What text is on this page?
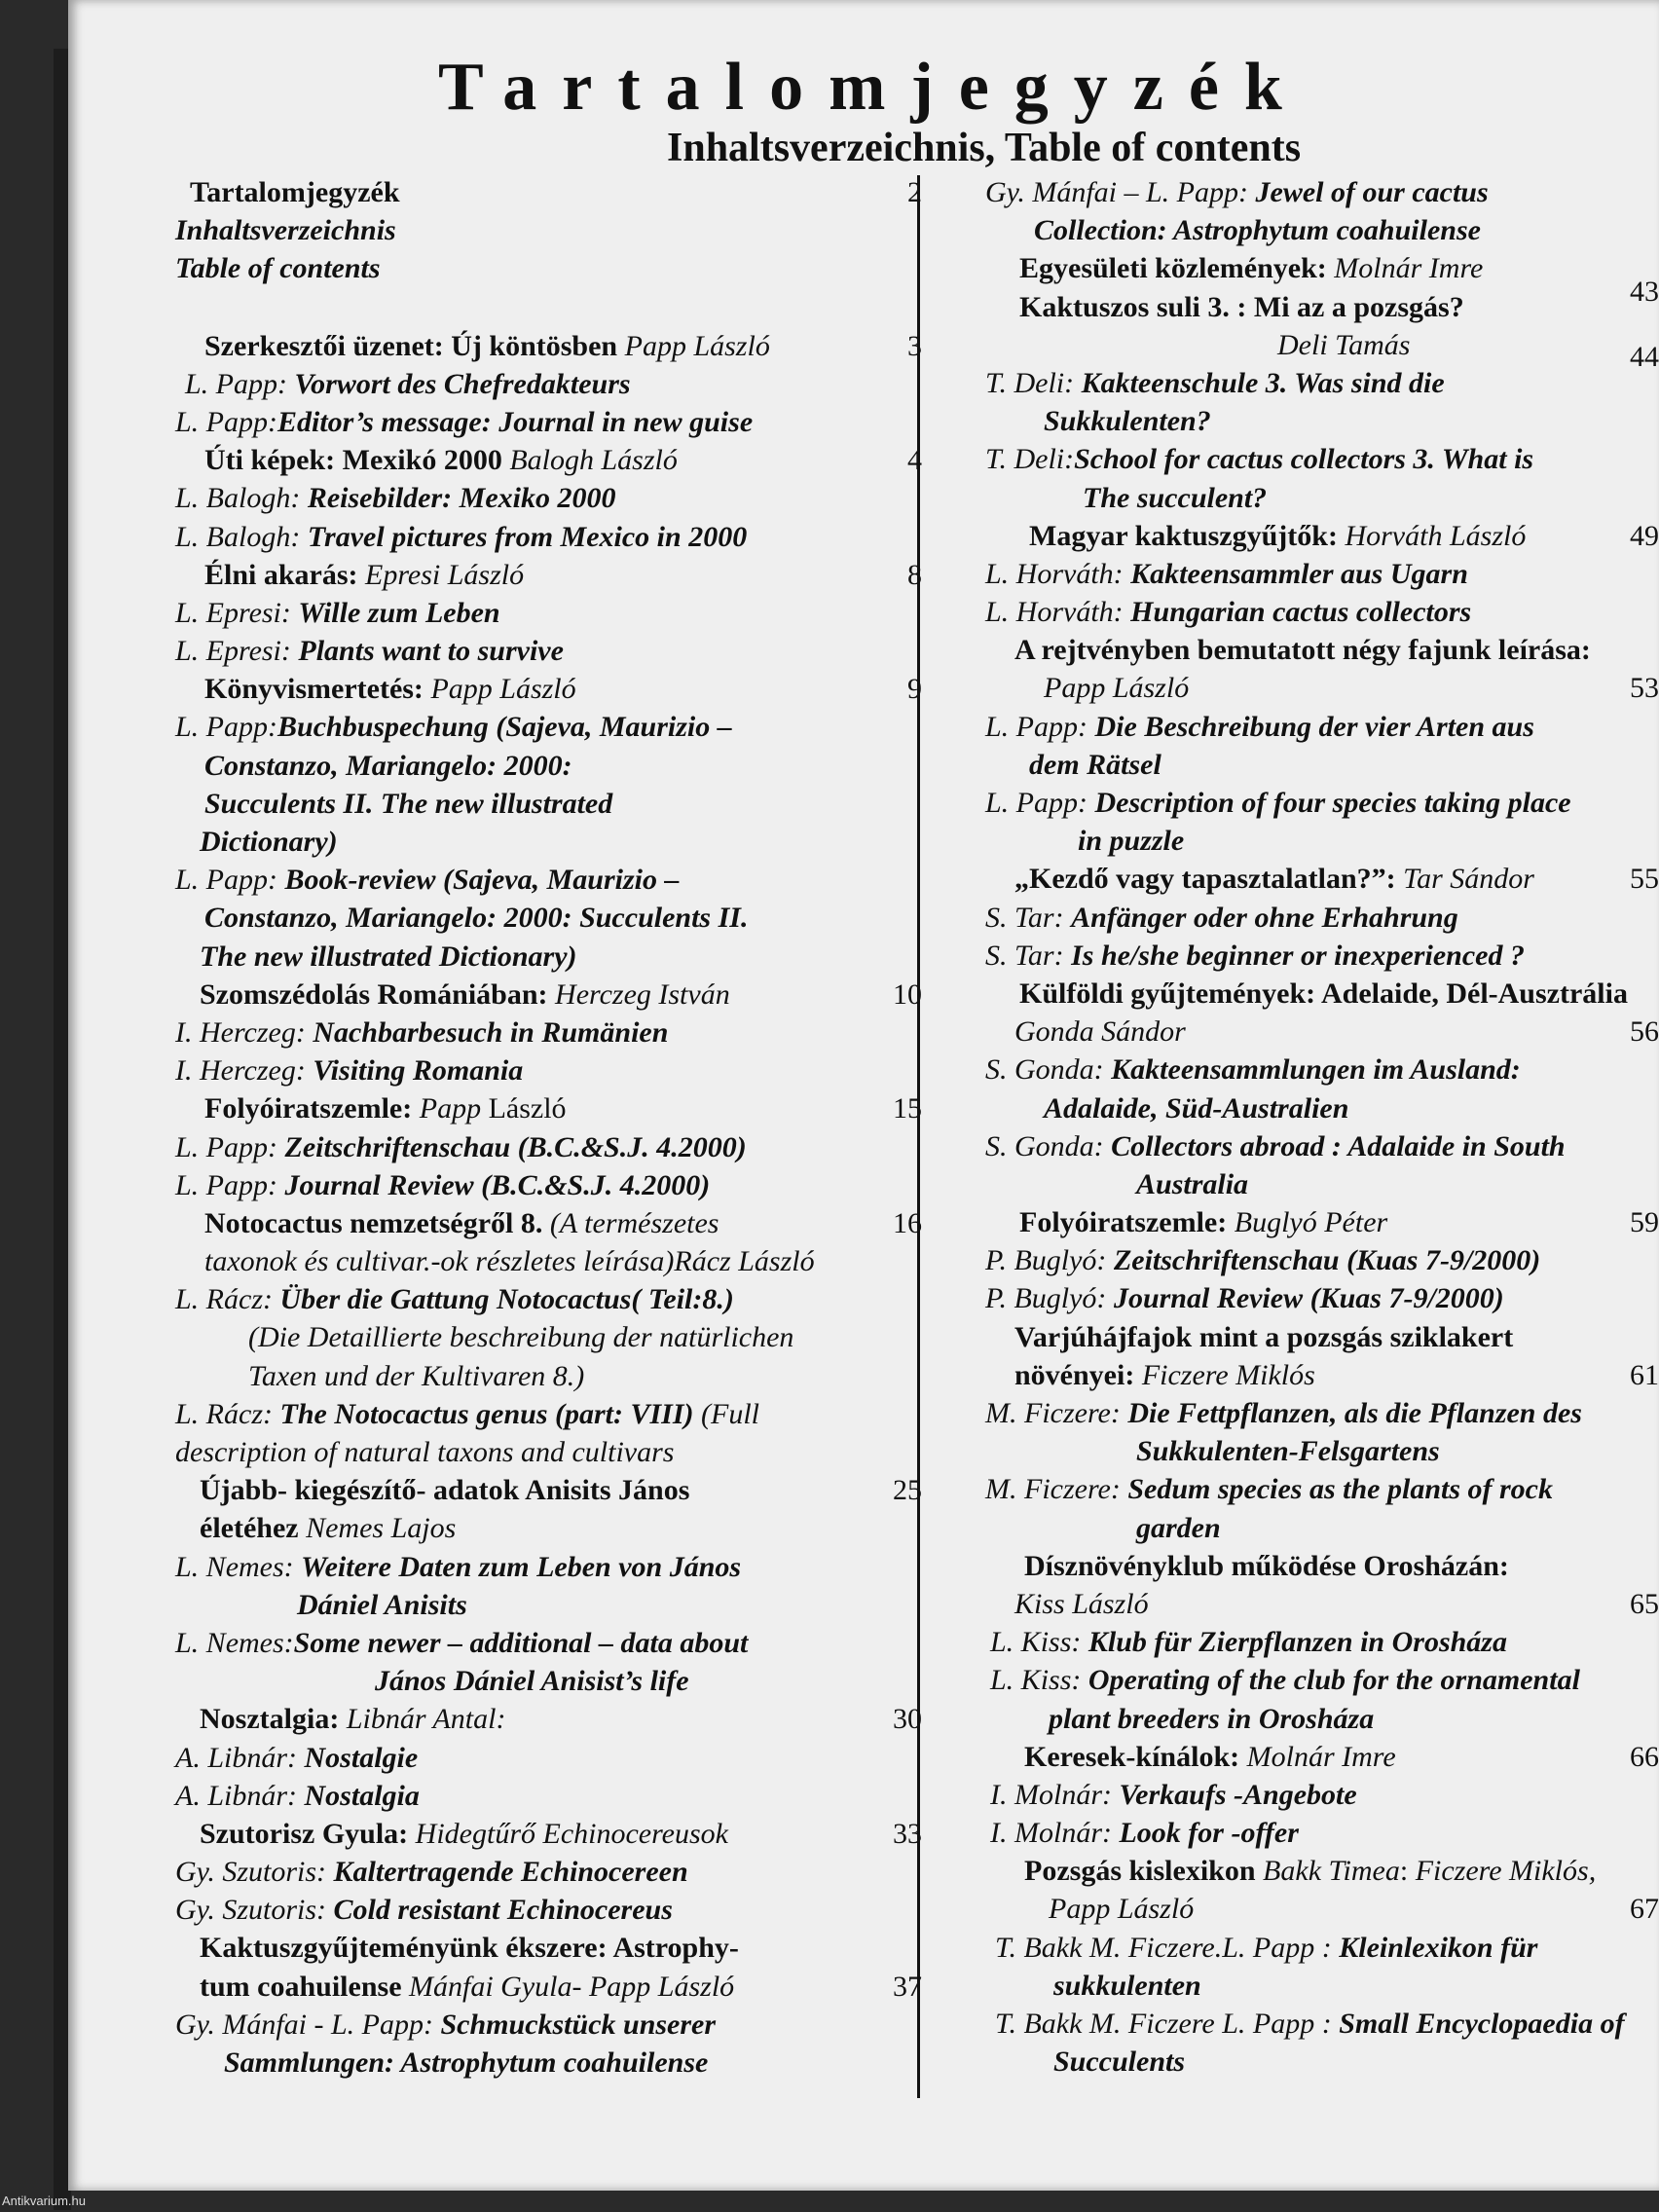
Tartalomjegyzék
Inhaltsverzeichnis, Table of contents
Tartalomjegyzék
Inhaltsverzeichnis
Table of contents
2
Szerkesztői üzenet: Új köntösben Papp László
L. Papp: Vorwort des Chefredakteurs
L. Papp:Editor’s message: Journal in new guise
3
Úti képek: Mexikó 2000 Balogh László
L. Balogh: Reisebilder: Mexiko 2000
L. Balogh: Travel pictures from Mexico in 2000
4
Élni akarás: Epresi László
L. Epresi: Wille zum Leben
L. Epresi: Plants want to survive
8
Könyvismertetés: Papp László
L. Papp:Buchbuspechung (Sajeva, Maurizio –
Constanzo, Mariangelo: 2000:
Succulents II. The new illustrated
Dictionary)
L. Papp: Book-review (Sajeva, Maurizio –
Constanzo, Mariangelo: 2000: Succulents II.
The new illustrated Dictionary)
9
Szomszédolás Romániában: Herczeg István
I. Herczeg: Nachbarbesuch in Rumänien
I. Herczeg: Visiting Romania
10
Folyóiratszemle: Papp László
L. Papp: Zeitschriftenschau (B.C.&S.J. 4.2000)
L. Papp: Journal Review (B.C.&S.J. 4.2000)
15
Notocactus nemzetségről 8. (A természetes
taxonok és cultivar.-ok részletes leírása)Rácz László
L. Rácz: Über die Gattung Notocactus( Teil:8.)
(Die Detaillierte beschreibung der natürlichen
Taxen und der Kultivaren 8.)
L. Rácz: The Notocactus genus (part: VIII) (Full
description of natural taxons and cultivars
16
Újabb- kiegészítő- adatok Anisits János
életéhez Nemes Lajos
L. Nemes: Weitere Daten zum Leben von János
Dániel Anisits
L. Nemes:Some newer – additional – data about
János Dániel Anisist’s life
25
Nosztalgia: Libnár Antal:
A. Libnár: Nostalgie
A. Libnár: Nostalgia
30
Szutorisz Gyula: Hidegtűrő Echinocereusok
Gy. Szutoris: Kaltertragende Echinocereen
Gy. Szutoris: Cold resistant Echinocereus
33
Kaktuszgyűjteményünk ékszere: Astrophy-
tum coahuilense Mánfai Gyula- Papp László
Gy. Mánfai - L. Papp: Schmuckstück unserer
Sammlungen: Astrophytum coahuilense
37
Gy. Mánfai – L. Papp: Jewel of our cactus
Collection: Astrophytum coahuilense
Egyesületi közlemények: Molnár Imre
43
Kaktuszos suli 3. : Mi az a pozsgás?
Deli Tamás
T. Deli: Kakteenschule 3. Was sind die
Sukkulenten?
T. Deli:School for cactus collectors 3. What is
The succulent?
44
Magyar kaktuszgyűjtők: Horváth László
L. Horváth: Kakteensammler aus Ugarn
L. Horváth: Hungarian cactus collectors
49
A rejtvényben bemutatott négy fajunk leírása:
Papp László
L. Papp: Die Beschreibung der vier Arten aus
dem Rätsel
L. Papp: Description of four species taking place
in puzzle
53
„Kezdő vagy tapasztalatlan?”: Tar Sándor
S. Tar: Anfänger oder ohne Erhahrung
S. Tar: Is he/she beginner or inexperienced ?
55
Külföldi gyűjtemények: Adelaide, Dél-Ausztrália
Gonda Sándor
S. Gonda: Kakteensammlungen im Ausland:
Adalaide, Süd-Australien
S. Gonda: Collectors abroad : Adalaide in South
Australia
56
Folyóiratszemle: Buglyó Péter
P. Buglyó: Zeitschriftenschau (Kuas 7-9/2000)
P. Buglyó: Journal Review (Kuas 7-9/2000)
59
Varjúhájfajok mint a pozsgás sziklakert
növényei: Ficzere Miklós
M. Ficzere: Die Fettpflanzen, als die Pflanzen des
Sukkulenten-Felsgartens
M. Ficzere: Sedum species as the plants of rock
garden
61
Dísznövényklub működése Orosházán:
Kiss László
L. Kiss: Klub für Zierpflanzen in Orosháza
L. Kiss: Operating of the club for the ornamental
plant breeders in Orosháza
65
Keresek-kínálok: Molnár Imre
I. Molnár: Verkaufs -Angebote
I. Molnár: Look for -offer
66
Pozsgás kislexikon Bakk Timea: Ficzere Miklós,
Papp László
T. Bakk M. Ficzere.L. Papp : Kleinlexikon für
sukkulenten
T. Bakk M. Ficzere L. Papp : Small Encyclopaedia of
Succulents
67
Antikvarium.hu
